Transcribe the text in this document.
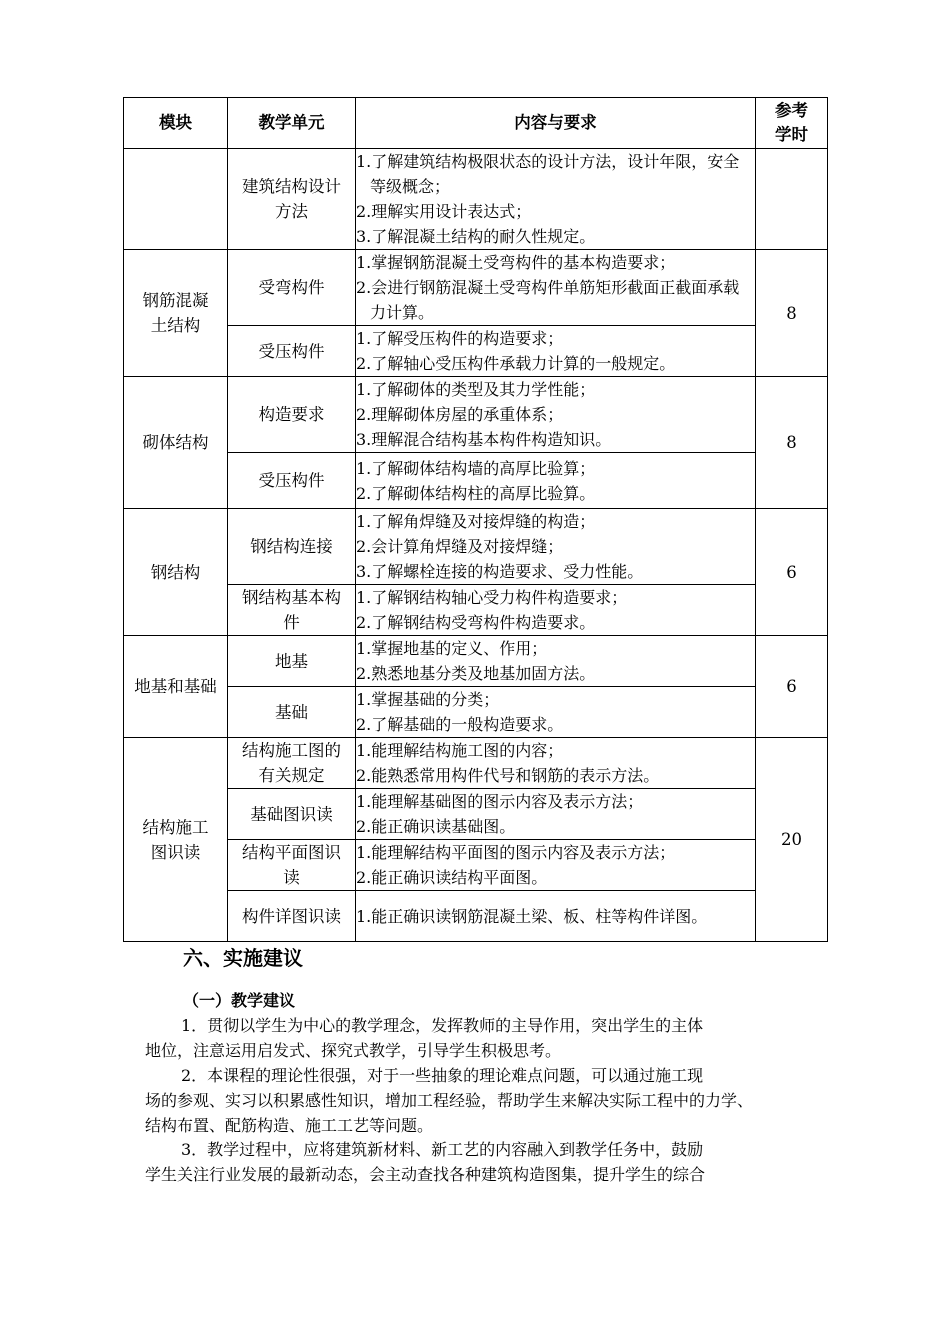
模块	教学单元	内容与要求	参考
学时

	建筑结构设计方法	1.了解建筑结构极限状态的设计方法，设计年限，安全等级概念；
2.理解实用设计表达式；
3.了解混凝土结构的耐久性规定。	

钢筋混凝土结构	受弯构件	1.掌握钢筋混凝土受弯构件的基本构造要求；
2.会进行钢筋混凝土受弯构件单筋矩形截面正截面承载力计算。	8
	受压构件	1.了解受压构件的构造要求；
2.了解轴心受压构件承载力计算的一般规定。	

砌体结构	构造要求	1.了解砌体的类型及其力学性能；
2.理解砌体房屋的承重体系；
3.理解混合结构基本构件构造知识。	8
	受压构件	1.了解砌体结构墙的高厚比验算；
2.了解砌体结构柱的高厚比验算。	

钢结构	钢结构连接	1.了解角焊缝及对接焊缝的构造；
2.会计算角焊缝及对接焊缝；
3.了解螺栓连接的构造要求、受力性能。	6

	钢结构基本构件	1.了解钢结构轴心受力构件构造要求；
2.了解钢结构受弯构件构造要求。	

地基和基础	地基	1.掌握地基的定义、作用；
2.熟悉地基分类及地基加固方法。	6
	基础	1.掌握基础的分类；
2.了解基础的一般构造要求。	

结构施工图识读	结构施工图的有关规定	1.能理解结构施工图的内容；
2.能熟悉常用构件代号和钢筋的表示方法。	20
	基础图识读	1.能理解基础图的图示内容及表示方法；
2.能正确识读基础图。	

	结构平面图识读	1.能理解结构平面图的图示内容及表示方法；
2.能正确识读结构平面图。	

	构件详图识读	1.能正确识读钢筋混凝土梁、板、柱等构件详图。	
六、实施建议
（一）教学建议
1．贯彻以学生为中心的教学理念，发挥教师的主导作用，突出学生的主体
地位，注意运用启发式、探究式教学，引导学生积极思考。
2．本课程的理论性很强，对于一些抽象的理论难点问题，可以通过施工现
场的参观、实习以积累感性知识，增加工程经验，帮助学生来解决实际工程中的力学、
结构布置、配筋构造、施工工艺等问题。
3．教学过程中，应将建筑新材料、新工艺的内容融入到教学任务中，鼓励
学生关注行业发展的最新动态，会主动查找各种建筑构造图集，提升学生的综合
